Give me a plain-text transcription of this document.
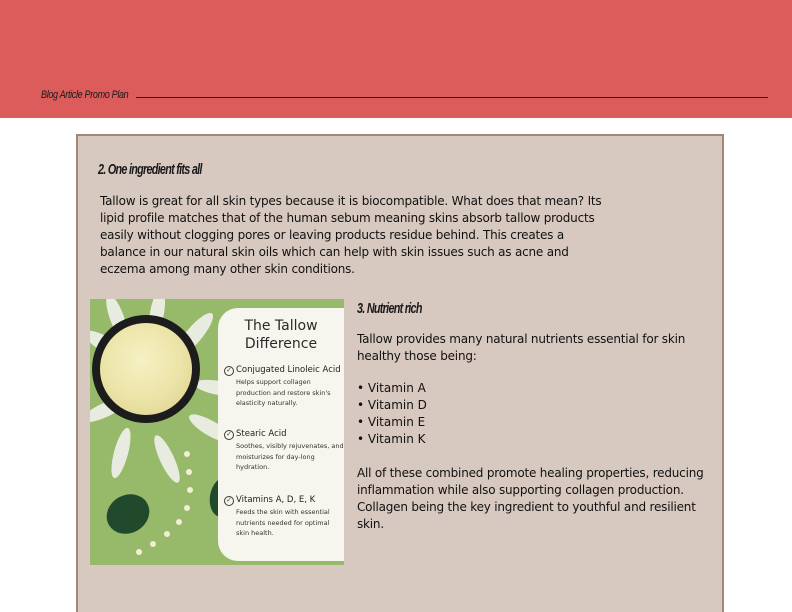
Blog Article Promo Plan
2. One ingredient fits all
Tallow is great for all skin types because it is biocompatible. What does that mean? Its lipid profile matches that of the human sebum meaning skins absorb tallow products easily without clogging pores or leaving products residue behind. This creates a balance in our natural skin oils which can help with skin issues such as acne and eczema among many other skin conditions.
The Tallow Difference
✓ Conjugated Linoleic Acid
Helps support collagen production and restore skin's elasticity naturally.
✓ Stearic Acid
Soothes, visibly rejuvenates, and moisturizes for day-long hydration.
✓ Vitamins A, D, E, K
Feeds the skin with essential nutrients needed for optimal skin health.
3. Nutrient rich
Tallow provides many natural nutrients essential for skin healthy those being:
• Vitamin A
• Vitamin D
• Vitamin E
• Vitamin K
All of these combined promote healing properties, reducing inflammation while also supporting collagen production. Collagen being the key ingredient to youthful and resilient skin.
